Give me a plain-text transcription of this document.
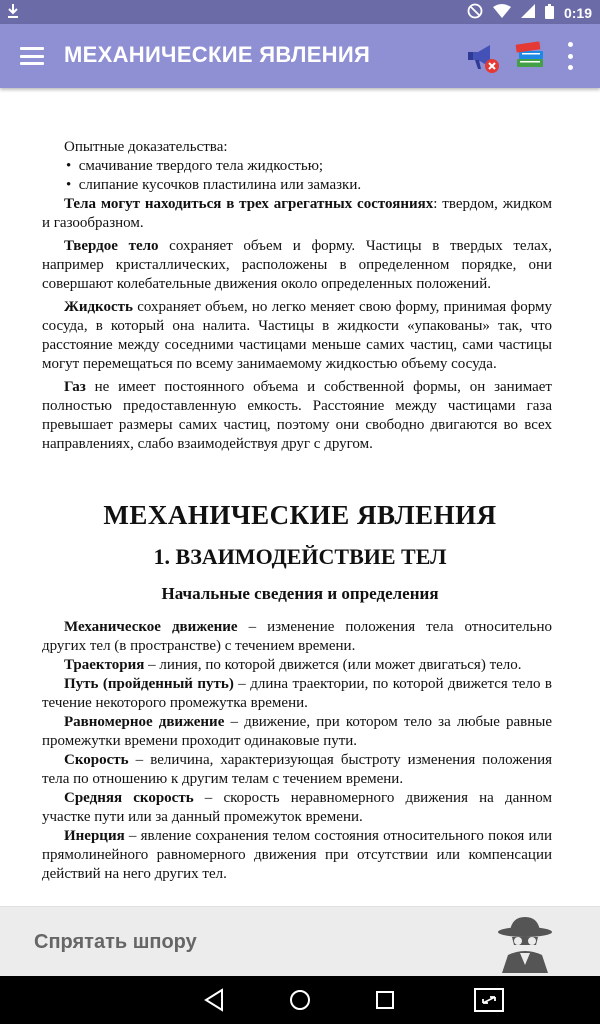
0:19
МЕХАНИЧЕСКИЕ ЯВЛЕНИЯ

Опытные доказательства:

•  смачивание твердого тела жидкостью;

•  слипание кусочков пластилина или замазки.

Тела могут находиться в трех агрегатных состояниях: твердом, жидком и газообразном.

Твердое тело сохраняет объем и форму. Частицы в твердых телах, например кристаллических, расположены в определенном порядке, они совершают колебательные движения около определенных положений.

Жидкость сохраняет объем, но легко меняет свою форму, принимая форму сосуда, в который она налита. Частицы в жидкости «упакованы» так, что расстояние между соседними частицами меньше самих частиц, сами частицы могут перемещаться по всему занимаемому жидкостью объему сосуда.

Газ не имеет постоянного объема и собственной формы, он занимает полностью предоставленную емкость. Расстояние между частицами газа превышает размеры самих частиц, поэтому они свободно двигаются во всех направлениях, слабо взаимодействуя друг с другом.

МЕХАНИЧЕСКИЕ ЯВЛЕНИЯ
1. ВЗАИМОДЕЙСТВИЕ ТЕЛ
Начальные сведения и определения

Механическое движение – изменение положения тела относительно других тел (в пространстве) с течением времени.

Траектория – линия, по которой движется (или может двигаться) тело.

Путь (пройденный путь) – длина траектории, по которой движется тело в течение некоторого промежутка времени.

Равномерное движение – движение, при котором тело за любые равные промежутки времени проходит одинаковые пути.

Скорость – величина, характеризующая быстроту изменения положения тела по отношению к другим телам с течением времени.

Средняя скорость – скорость неравномерного движения на данном участке пути или за данный промежуток времени.

Инерция – явление сохранения телом состояния относительного покоя или прямолинейного равномерного движения при отсутствии или компенсации действий на него других тел.

Спрятать шпору
